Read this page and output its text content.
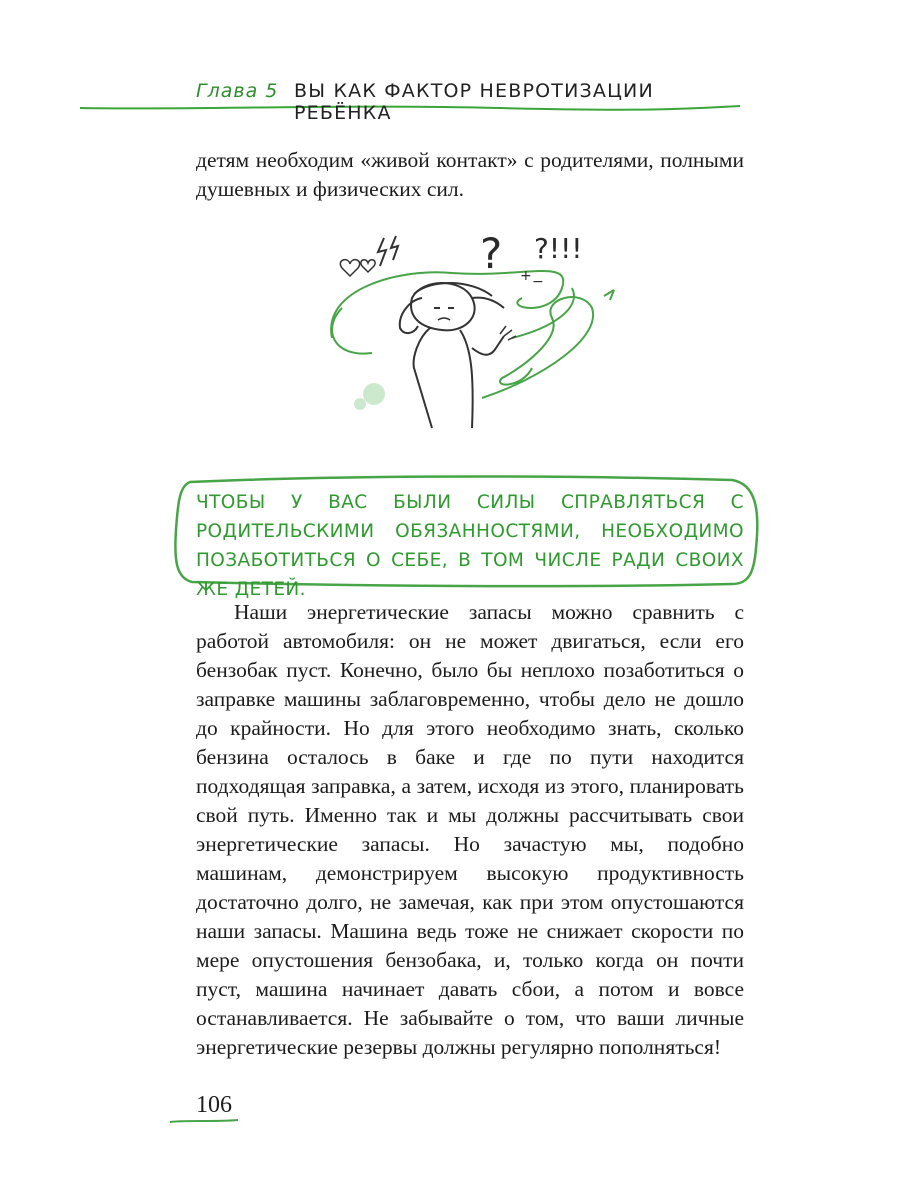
Глава 5 ВЫ КАК ФАКТОР НЕВРОТИЗАЦИИ РЕБЁНКА
детям необходим «живой контакт» с родителями, полными душевных и физических сил.
? ?!!!
+ −
ЧТОБЫ У ВАС БЫЛИ СИЛЫ СПРАВЛЯТЬСЯ С РОДИТЕЛЬСКИМИ ОБЯЗАННОСТЯМИ, НЕОБХОДИМО ПОЗАБОТИТЬСЯ О СЕБЕ, В ТОМ ЧИСЛЕ РАДИ СВОИХ ЖЕ ДЕТЕЙ.

Наши энергетические запасы можно сравнить с работой автомобиля: он не может двигаться, если его бензобак пуст. Конечно, было бы неплохо позаботиться о заправке машины заблаговременно, чтобы дело не дошло до крайности. Но для этого необходимо знать, сколько бензина осталось в баке и где по пути находится подходящая заправка, а затем, исходя из этого, планировать свой путь. Именно так и мы должны рассчитывать свои энергетические запасы. Но зачастую мы, подобно машинам, демонстрируем высокую продуктивность достаточно долго, не замечая, как при этом опустошаются наши запасы. Машина ведь тоже не снижает скорости по мере опустошения бензобака, и, только когда он почти пуст, машина начинает давать сбои, а потом и вовсе останавливается. Не забывайте о том, что ваши личные энергетические резервы должны регулярно пополняться!

106
